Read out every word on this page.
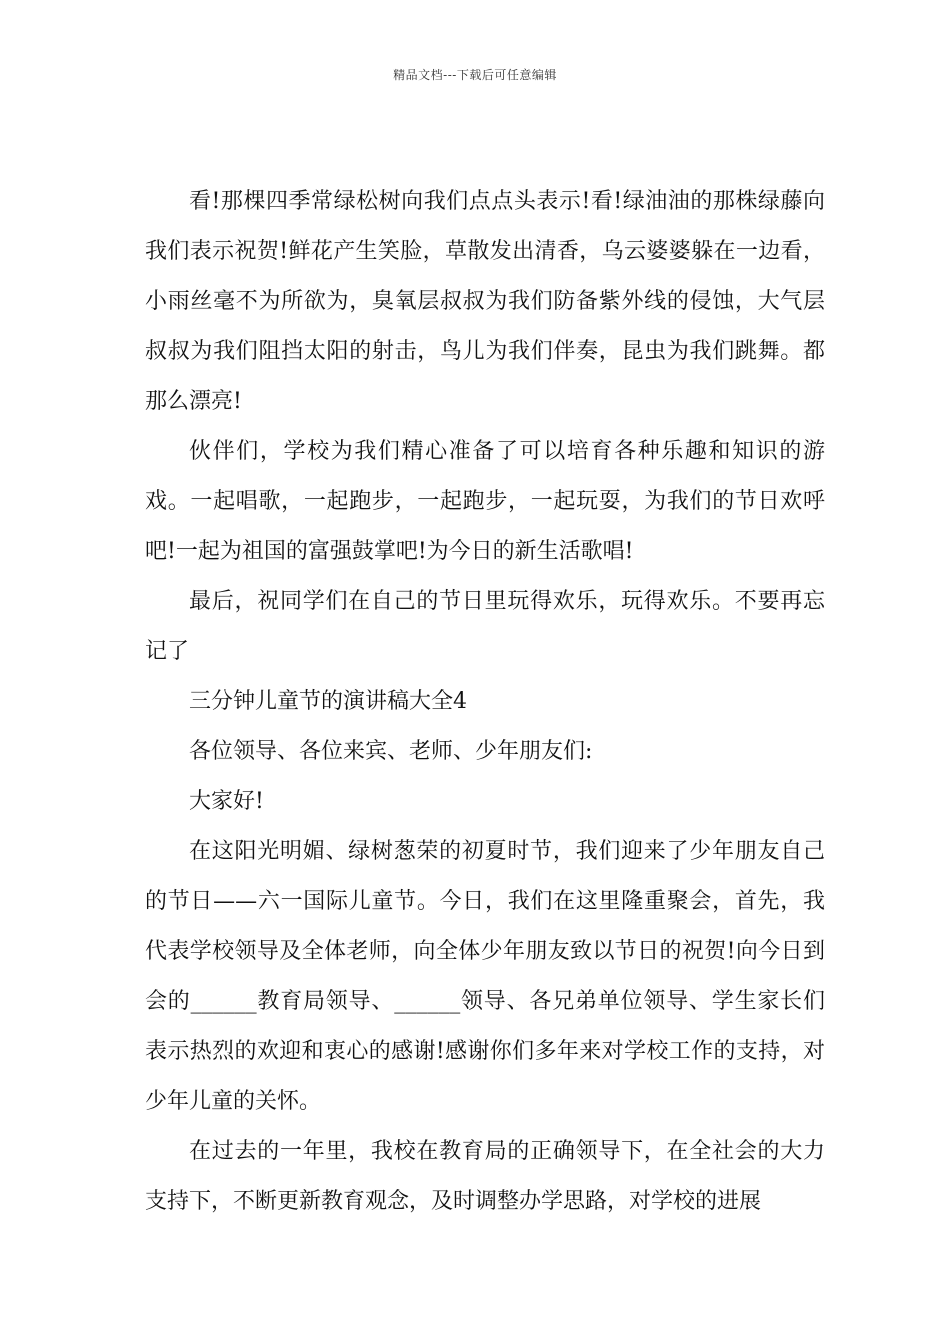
精品文档---下载后可任意编辑

看!那棵四季常绿松树向我们点点头表示!看!绿油油的那株绿藤向我们表示祝贺!鲜花产生笑脸，草散发出清香，乌云婆婆躲在一边看，小雨丝毫不为所欲为，臭氧层叔叔为我们防备紫外线的侵蚀，大气层叔叔为我们阻挡太阳的射击，鸟儿为我们伴奏，昆虫为我们跳舞。都那么漂亮!

伙伴们，学校为我们精心准备了可以培育各种乐趣和知识的游戏。一起唱歌，一起跑步，一起跑步，一起玩耍，为我们的节日欢呼吧!一起为祖国的富强鼓掌吧!为今日的新生活歌唱!

最后，祝同学们在自己的节日里玩得欢乐，玩得欢乐。不要再忘记了

三分钟儿童节的演讲稿大全4

各位领导、各位来宾、老师、少年朋友们:

大家好!

在这阳光明媚、绿树葱荣的初夏时节，我们迎来了少年朋友自己的节日——六一国际儿童节。今日，我们在这里隆重聚会，首先，我代表学校领导及全体老师，向全体少年朋友致以节日的祝贺!向今日到会的______教育局领导、______领导、各兄弟单位领导、学生家长们表示热烈的欢迎和衷心的感谢!感谢你们多年来对学校工作的支持，对少年儿童的关怀。

在过去的一年里，我校在教育局的正确领导下，在全社会的大力支持下，不断更新教育观念，及时调整办学思路，对学校的进展
